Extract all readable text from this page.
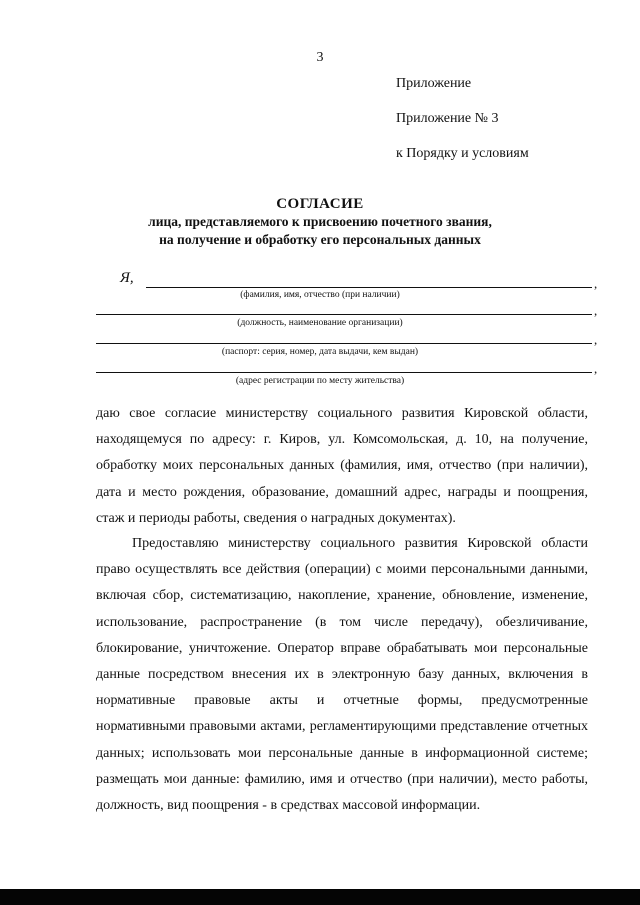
3
Приложение
Приложение № 3
к Порядку и условиям
СОГЛАСИЕ
лица, представляемого к присвоению почетного звания,
на получение и обработку его персональных данных
Я,	,
(фамилия, имя, отчество (при наличии)
,
(должность, наименование организации)
,
(паспорт: серия, номер, дата выдачи, кем выдан)
,
(адрес регистрации по месту жительства)

даю свое согласие министерству социального развития Кировской области, находящемуся по адресу: г. Киров, ул. Комсомольская, д. 10, на получение, обработку моих персональных данных (фамилия, имя, отчество (при наличии), дата и место рождения, образование, домашний адрес, награды и поощрения, стаж и периоды работы, сведения о наградных документах).

Предоставляю министерству социального развития Кировской области право осуществлять все действия (операции) с моими персональными данными, включая сбор, систематизацию, накопление, хранение, обновление, изменение, использование, распространение (в том числе передачу), обезличивание, блокирование, уничтожение. Оператор вправе обрабатывать мои персональные данные посредством внесения их в электронную базу данных, включения в нормативные правовые акты и отчетные формы, предусмотренные нормативными правовыми актами, регламентирующими представление отчетных данных; использовать мои персональные данные в информационной системе; размещать мои данные: фамилию, имя и отчество (при наличии), место работы, должность, вид поощрения - в средствах массовой информации.
